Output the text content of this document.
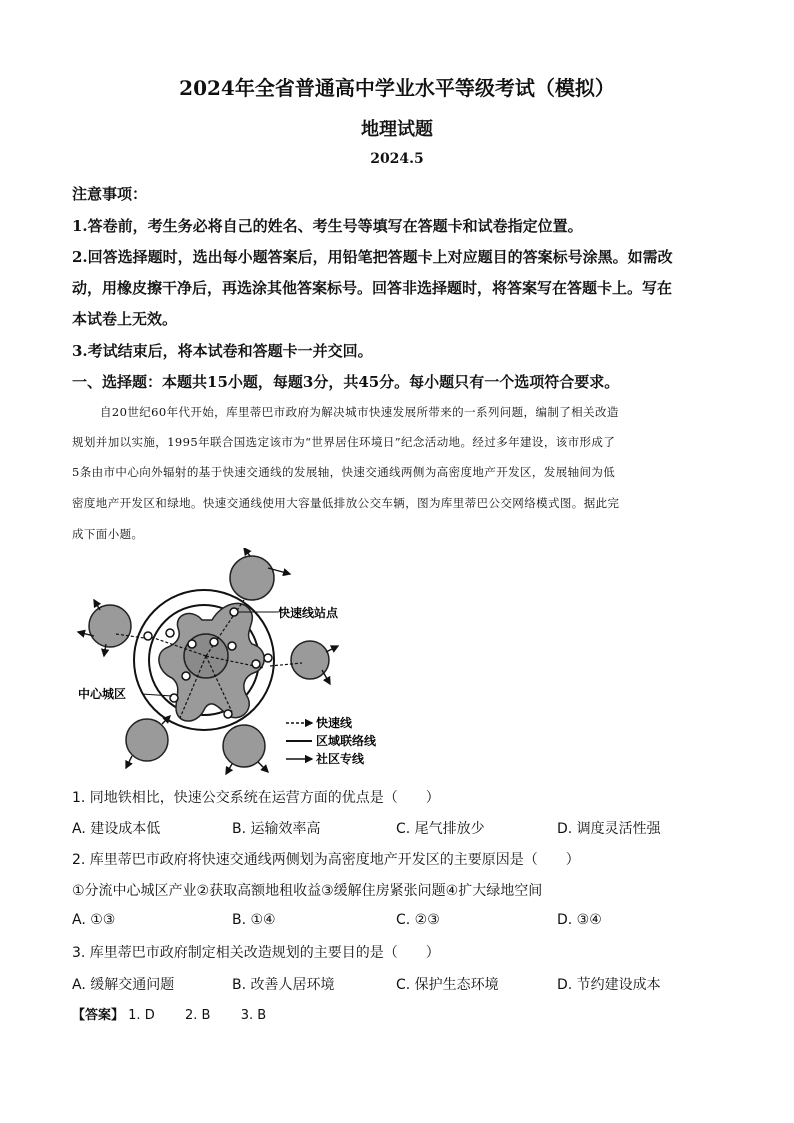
2024年全省普通高中学业水平等级考试（模拟）
地理试题
2024.5
注意事项：
1.答卷前，考生务必将自己的姓名、考生号等填写在答题卡和试卷指定位置。
2.回答选择题时，选出每小题答案后，用铅笔把答题卡上对应题目的答案标号涂黑。如需改
动，用橡皮擦干净后，再选涂其他答案标号。回答非选择题时，将答案写在答题卡上。写在
本试卷上无效。
3.考试结束后，将本试卷和答题卡一并交回。
一、选择题：本题共15小题，每题3分，共45分。每小题只有一个选项符合要求。
自20世纪60年代开始，库里蒂巴市政府为解决城市快速发展所带来的一系列问题，编制了相关改造
规划并加以实施，1995年联合国选定该市为“世界居住环境日”纪念活动地。经过多年建设，该市形成了
5条由市中心向外辐射的基于快速交通线的发展轴，快速交通线两侧为高密度地产开发区，发展轴间为低
密度地产开发区和绿地。快速交通线使用大容量低排放公交车辆，图为库里蒂巴公交网络模式图。据此完
成下面小题。
快速线站点
中心城区
快速线
区域联络线
社区专线
1. 同地铁相比，快速公交系统在运营方面的优点是（　　）
A. 建设成本低	B. 运输效率高	C. 尾气排放少	D. 调度灵活性强
2. 库里蒂巴市政府将快速交通线两侧划为高密度地产开发区的主要原因是（　　）
①分流中心城区产业②获取高额地租收益③缓解住房紧张问题④扩大绿地空间
A. ①③	B. ①④	C. ②③	D. ③④
3. 库里蒂巴市政府制定相关改造规划的主要目的是（　　）
A. 缓解交通问题	B. 改善人居环境	C. 保护生态环境	D. 节约建设成本
【答案】 1. D 2. B 3. B
